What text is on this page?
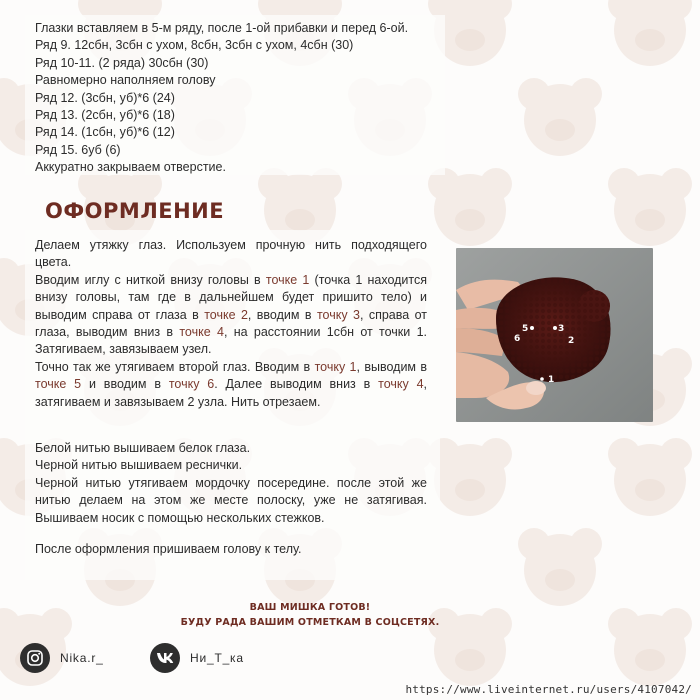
Глазки вставляем в 5-м ряду, после 1-ой прибавки и перед 6-ой.

Ряд 9. 12сбн, 3сбн с ухом, 8сбн, 3сбн с ухом, 4сбн (30)

Ряд 10-11. (2 ряда) 30сбн (30)

Равномерно наполняем голову

Ряд 12. (3сбн, уб)*6 (24)

Ряд 13. (2сбн, уб)*6 (18)

Ряд 14. (1сбн, уб)*6 (12)

Ряд 15. 6уб (6)

Аккуратно закрываем отверстие.

ОФОРМЛЕНИЕ

Делаем утяжку глаз. Используем прочную нить подходящего цвета.

Вводим иглу с ниткой внизу головы в точке 1 (точка 1 находится внизу головы, там где в дальнейшем будет пришито тело) и выводим справа от глаза в точке 2, вводим в точку 3, справа от глаза, выводим вниз в точке 4, на расстоянии 1сбн от точки 1. Затягиваем, завязываем узел.

Точно так же утягиваем второй глаз. Вводим в точку 1, выводим в точке 5 и вводим в точку 6. Далее выводим вниз в точку 4, затягиваем и завязываем 2 узла. Нить отрезаем.

Белой нитью вышиваем белок глаза.

Черной нитью вышиваем реснички.

Черной нитью утягиваем мордочку посередине. после этой же нитью делаем на этом же месте полоску, уже не затягивая. Вышиваем носик с помощью нескольких стежков.

После оформления пришиваем голову к телу.
5	3
6	2
1
ВАШ МИШКА ГОТОВ!
БУДУ РАДА ВАШИМ ОТМЕТКАМ В СОЦСЕТЯХ.
Nika.r_	Ни_Т_ка
https://www.liveinternet.ru/users/4107042/
